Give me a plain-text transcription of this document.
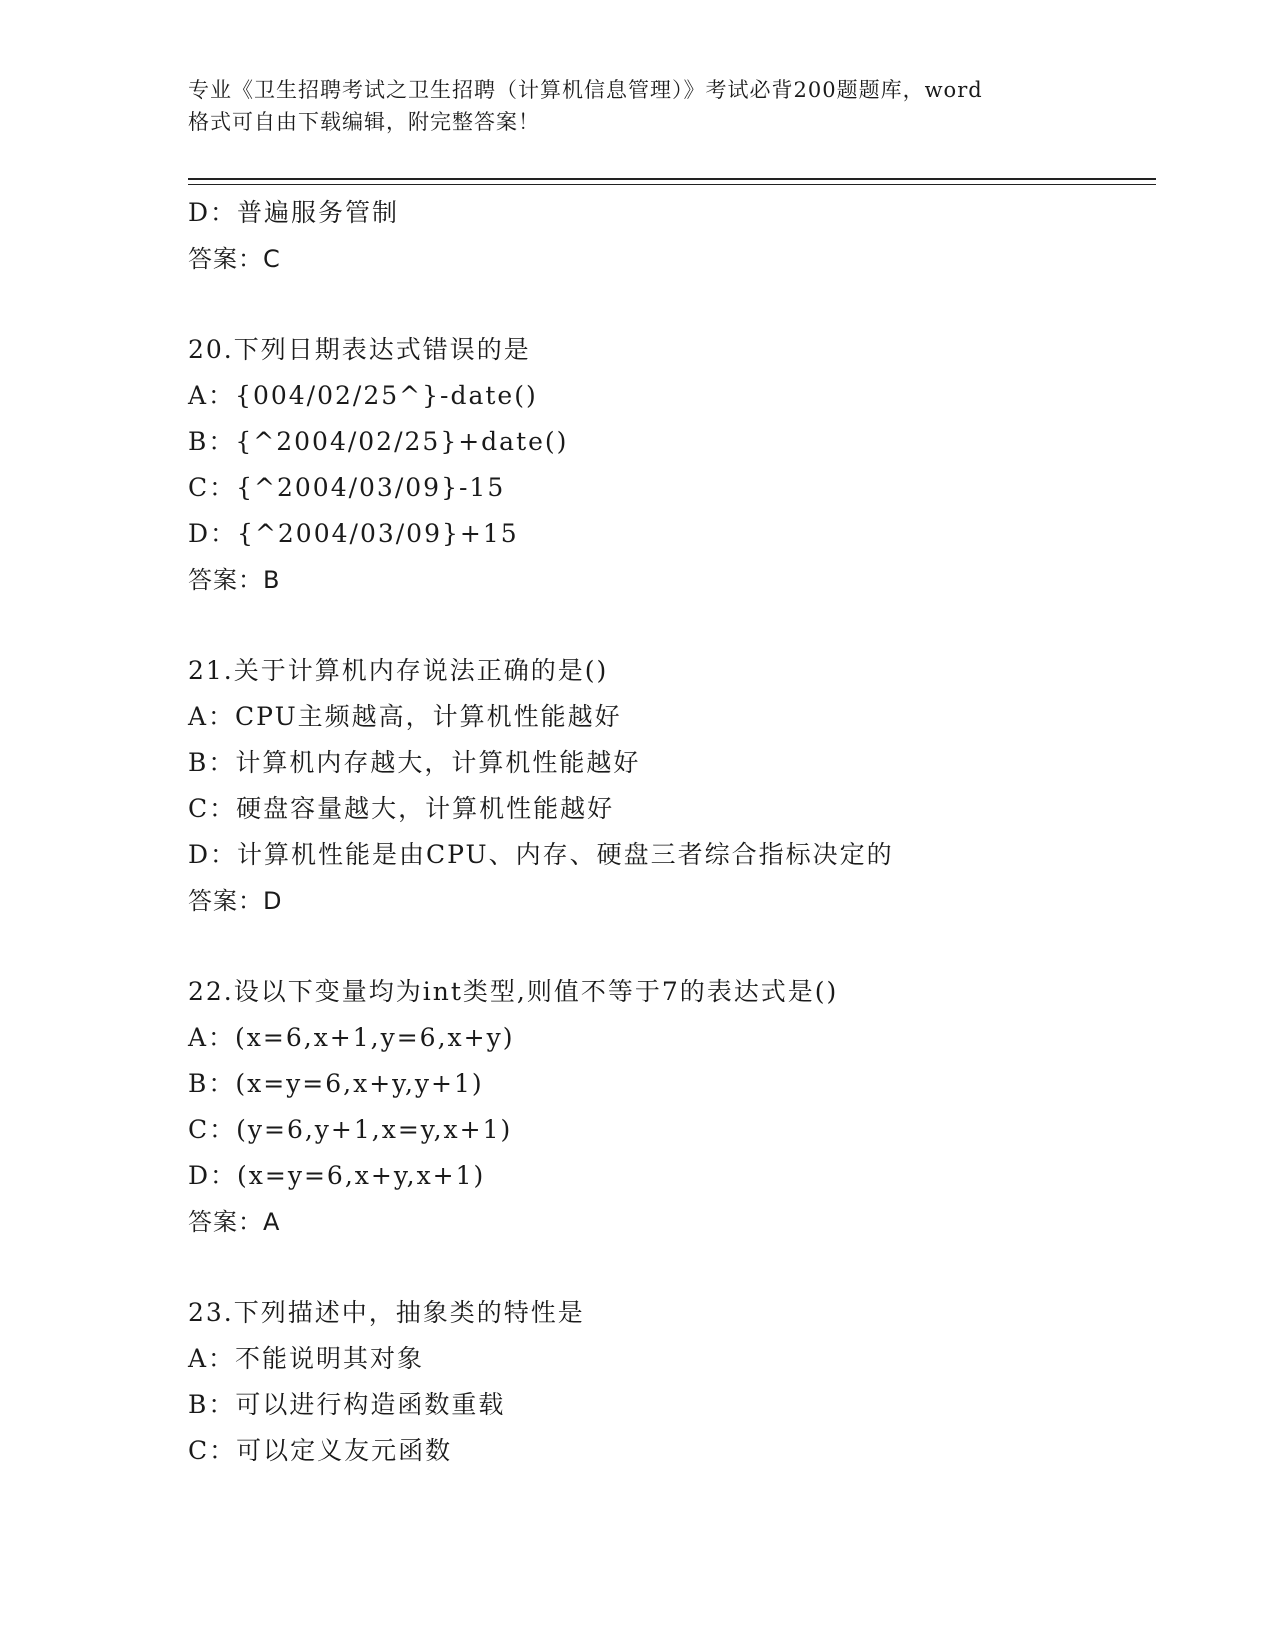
专业《卫生招聘考试之卫生招聘（计算机信息管理）》考试必背200题题库，word
格式可自由下载编辑，附完整答案！
D：普遍服务管制
答案：C
20.下列日期表达式错误的是
A：{004/02/25^}-date()
B：{^2004/02/25}+date()
C：{^2004/03/09}-15
D：{^2004/03/09}+15
答案：B
21.关于计算机内存说法正确的是()
A：CPU主频越高，计算机性能越好
B：计算机内存越大，计算机性能越好
C：硬盘容量越大，计算机性能越好
D：计算机性能是由CPU、内存、硬盘三者综合指标决定的
答案：D
22.设以下变量均为int类型,则值不等于7的表达式是()
A：(x=6,x+1,y=6,x+y)
B：(x=y=6,x+y,y+1)
C：(y=6,y+1,x=y,x+1)
D：(x=y=6,x+y,x+1)
答案：A
23.下列描述中，抽象类的特性是
A：不能说明其对象
B：可以进行构造函数重载
C：可以定义友元函数
